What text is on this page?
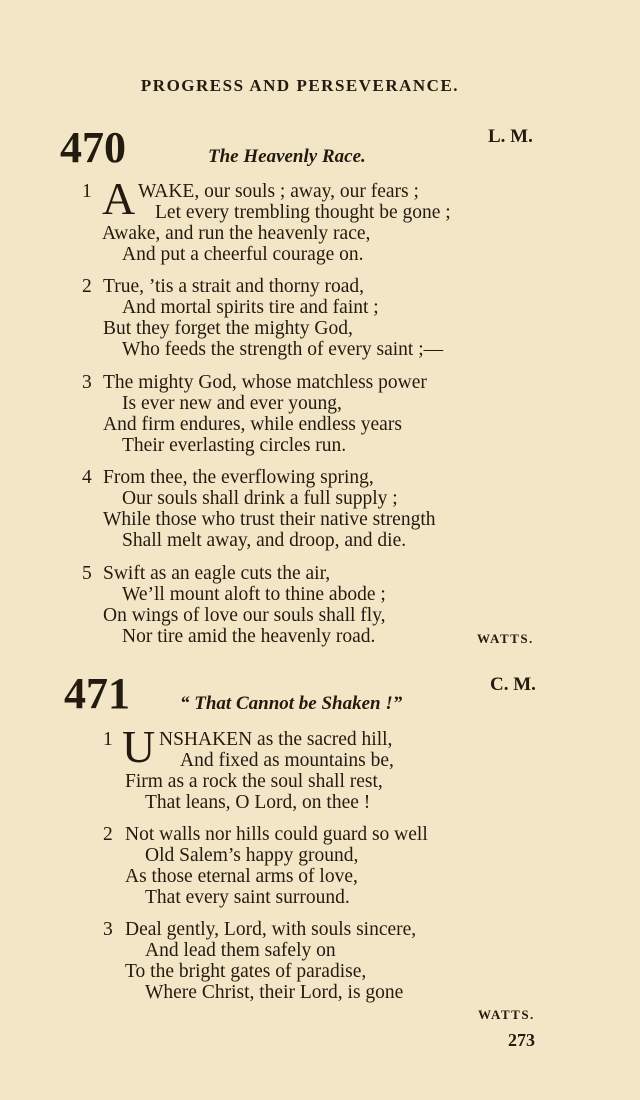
PROGRESS AND PERSEVERANCE.
470	L. M.
The Heavenly Race.
1 A WAKE, our souls ; away, our fears ;
Let every trembling thought be gone ;
Awake, and run the heavenly race,
And put a cheerful courage on.
2 True, ’tis a strait and thorny road,
And mortal spirits tire and faint ;
But they forget the mighty God,
Who feeds the strength of every saint ;—
3 The mighty God, whose matchless power
Is ever new and ever young,
And firm endures, while endless years
Their everlasting circles run.
4 From thee, the everflowing spring,
Our souls shall drink a full supply ;
While those who trust their native strength
Shall melt away, and droop, and die.
5 Swift as an eagle cuts the air,
We’ll mount aloft to thine abode ;
On wings of love our souls shall fly,
Nor tire amid the heavenly road.	WATTS.
471	C. M.
“ That Cannot be Shaken !”
1 U NSHAKEN as the sacred hill,
And fixed as mountains be,
Firm as a rock the soul shall rest,
That leans, O Lord, on thee !
2 Not walls nor hills could guard so well
Old Salem’s happy ground,
As those eternal arms of love,
That every saint surround.
3 Deal gently, Lord, with souls sincere,
And lead them safely on
To the bright gates of paradise,
Where Christ, their Lord, is gone
WATTS.
273
